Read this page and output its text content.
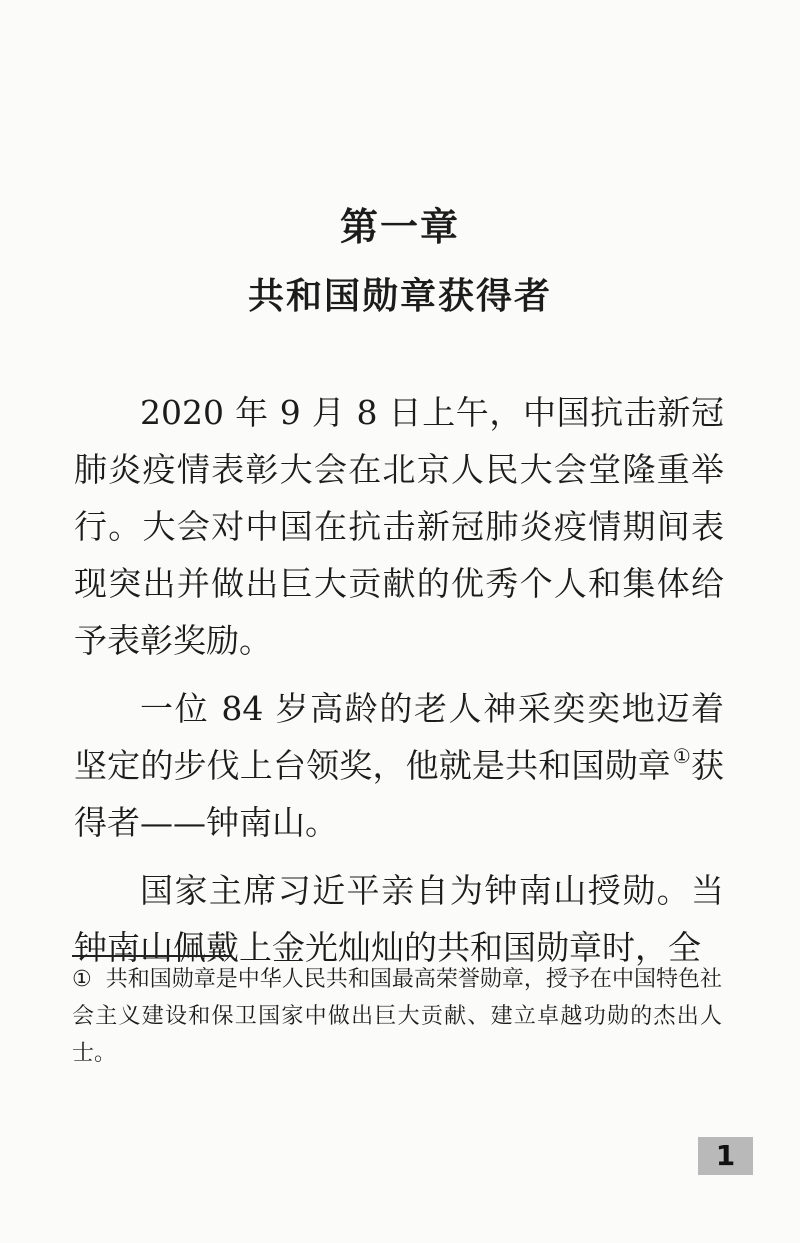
第一章
共和国勋章获得者

2020 年 9 月 8 日上午，中国抗击新冠肺炎疫情表彰大会在北京人民大会堂隆重举行。大会对中国在抗击新冠肺炎疫情期间表现突出并做出巨大贡献的优秀个人和集体给予表彰奖励。

一位 84 岁高龄的老人神采奕奕地迈着坚定的步伐上台领奖，他就是共和国勋章 ①获得者——钟南山。

国家主席习近平亲自为钟南山授勋。当钟南山佩戴上金光灿灿的共和国勋章时，全

① 共和国勋章是中华人民共和国最高荣誉勋章，授予在中国特色社会主义建设和保卫国家中做出巨大贡献、建立卓越功勋的杰出人士。
1
